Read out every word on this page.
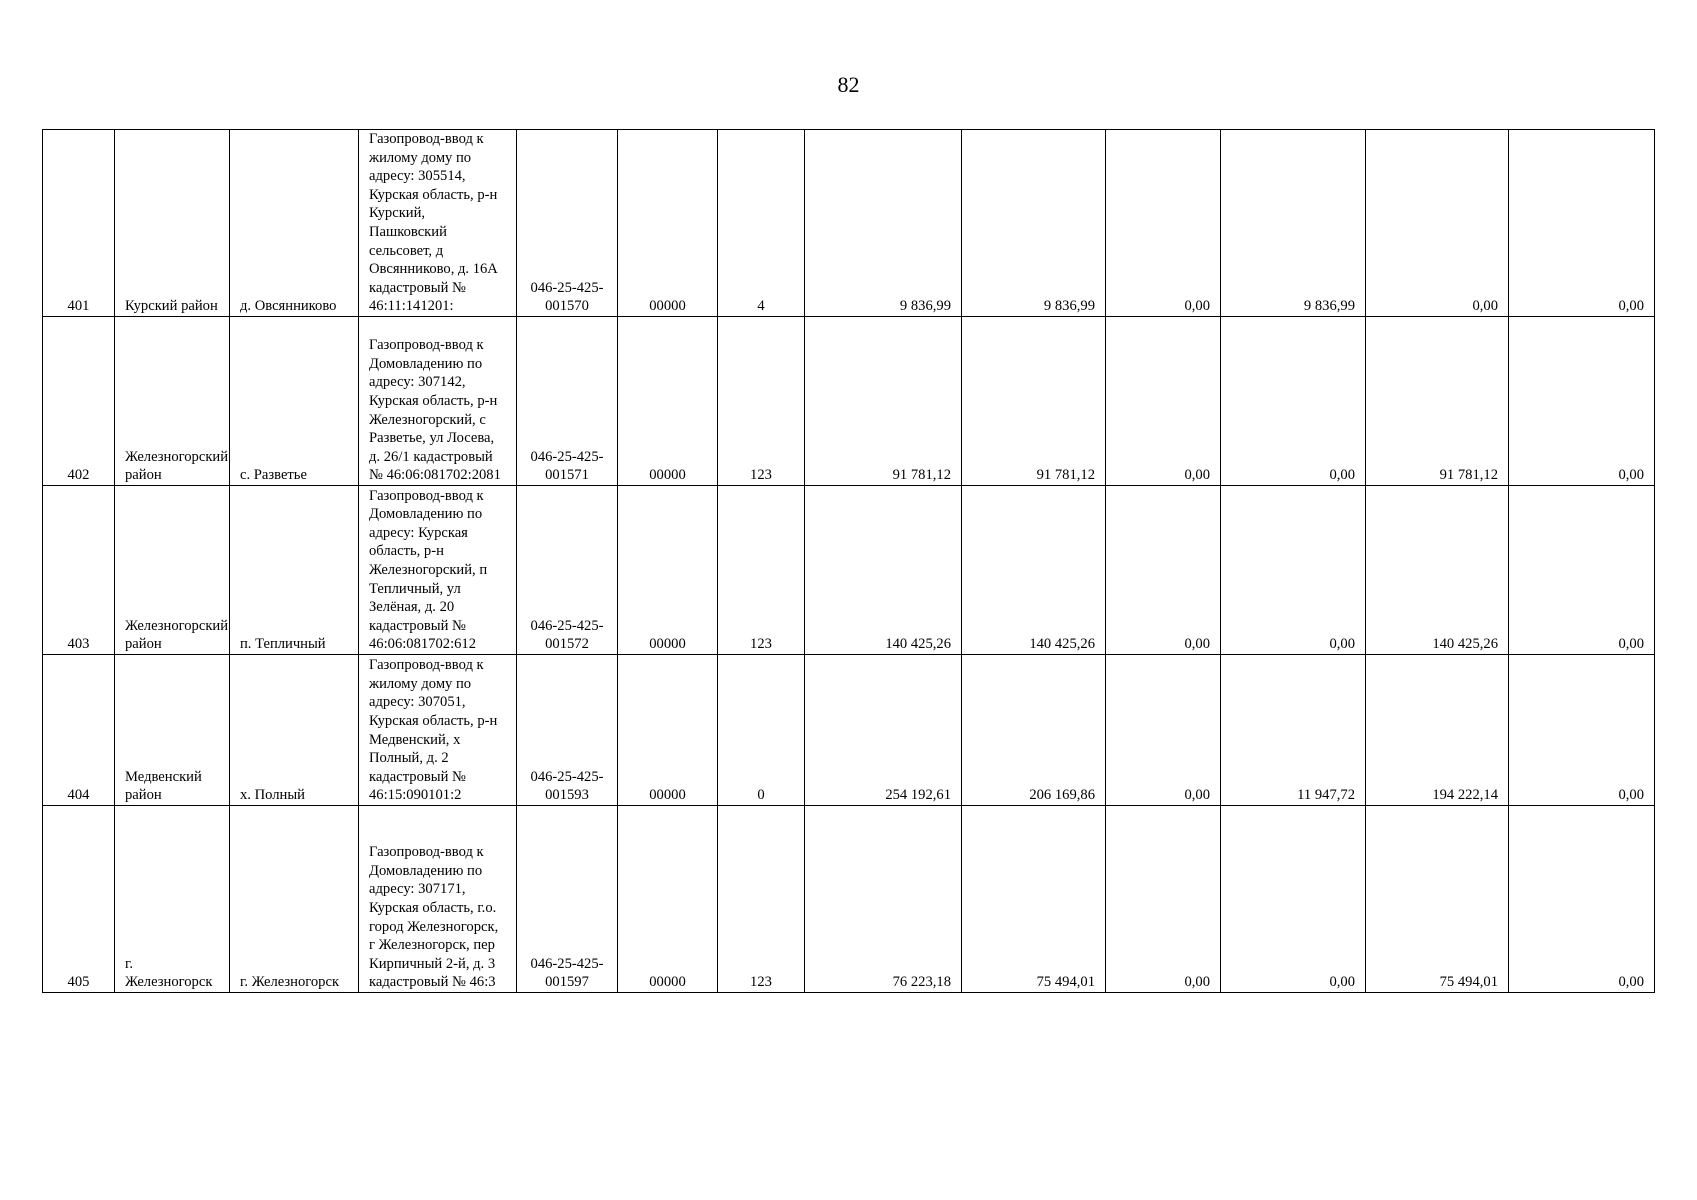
82
401	Курский район	д. Овсянниково	Газопровод-ввод к жилому дому по адресу: 305514, Курская область, р-н Курский, Пашковский сельсовет, д Овсянниково, д. 16А кадастровый № 46:11:141201:	046-25-425-001570	00000	4	9 836,99	9 836,99	0,00	9 836,99	0,00	0,00
402	Железногорский район	с. Разветье	Газопровод-ввод к Домовладению по адресу: 307142, Курская область, р-н Железногорский, с Разветье, ул Лосева, д. 26/1 кадастровый № 46:06:081702:2081	046-25-425-001571	00000	123	91 781,12	91 781,12	0,00	0,00	91 781,12	0,00
403	Железногорский район	п. Тепличный	Газопровод-ввод к Домовладению по адресу: Курская область, р-н Железногорский, п Тепличный, ул Зелёная, д. 20 кадастровый № 46:06:081702:612	046-25-425-001572	00000	123	140 425,26	140 425,26	0,00	0,00	140 425,26	0,00
404	Медвенский район	х. Полный	Газопровод-ввод к жилому дому по адресу: 307051, Курская область, р-н Медвенский, х Полный, д. 2 кадастровый № 46:15:090101:2	046-25-425-001593	00000	0	254 192,61	206 169,86	0,00	11 947,72	194 222,14	0,00
405	г. Железногорск	г. Железногорск	Газопровод-ввод к Домовладению по адресу: 307171, Курская область, г.о. город Железногорск, г Железногорск, пер Кирпичный 2-й, д. 3 кадастровый № 46:3	046-25-425-001597	00000	123	76 223,18	75 494,01	0,00	0,00	75 494,01	0,00
